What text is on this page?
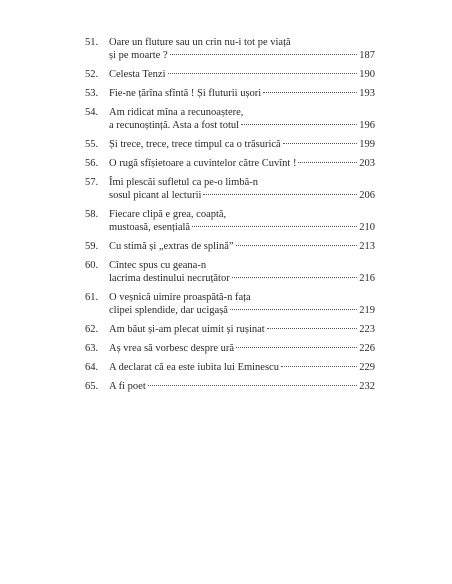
51.	Oare un fluture sau un crin nu-i tot pe viață
și pe moarte ?	187
52.	Celesta Tenzi	190
53.	Fie-ne țărîna sfîntă ! Și fluturii ușori	193
54.	Am ridicat mîna a recunoaștere,
a recunoștință. Asta a fost totul	196
55.	Și trece, trece, trece timpul ca o trăsurică	199
56.	O rugă sfîșietoare a cuvintelor către Cuvînt !	203
57.	Îmi plescăi sufletul ca pe-o limbă-n
sosul picant al lecturii	206
58.	Fiecare clipă e grea, coaptă,
mustoasă, esențială	210
59.	Cu stimă și „extras de splină”	213
60.	Cîntec spus cu geana-n
lacrima destinului necruțător	216
61.	O veșnică uimire proaspătă-n fața
clipei splendide, dar ucigașă	219
62.	Am băut și-am plecat uimit și rușinat	223
63.	Aș vrea să vorbesc despre ură	226
64.	A declarat că ea este iubita lui Eminescu	229
65.	A fi poet	232
